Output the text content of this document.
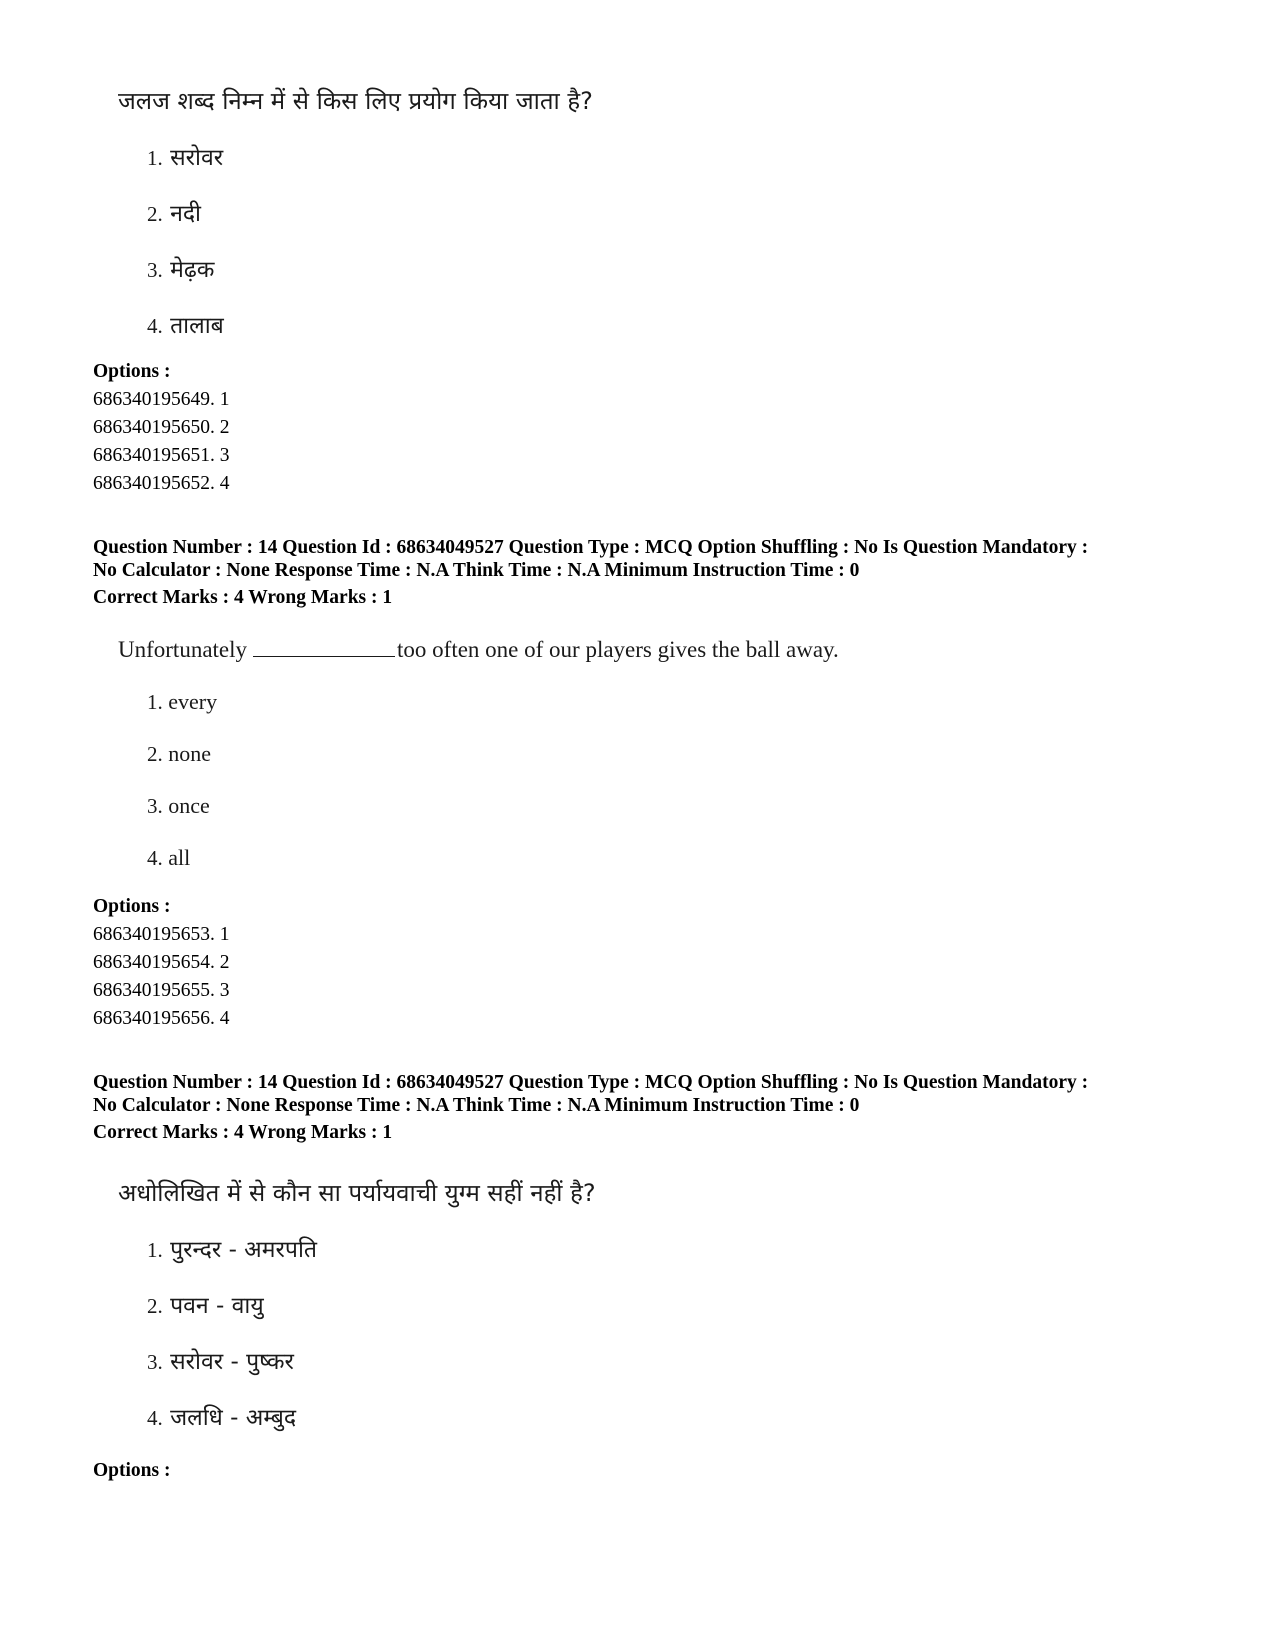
जलज शब्द निम्न में से किस लिए प्रयोग किया जाता है?
1. सरोवर
2. नदी
3. मेढ़क
4. तालाब
Options :
686340195649. 1
686340195650. 2
686340195651. 3
686340195652. 4
Question Number : 14 Question Id : 68634049527 Question Type : MCQ Option Shuffling : No Is Question Mandatory :
No Calculator : None Response Time : N.A Think Time : N.A Minimum Instruction Time : 0
Correct Marks : 4 Wrong Marks : 1
Unfortunately	too often one of our players gives the ball away.
1. every
2. none
3. once
4. all
Options :
686340195653. 1
686340195654. 2
686340195655. 3
686340195656. 4
Question Number : 14 Question Id : 68634049527 Question Type : MCQ Option Shuffling : No Is Question Mandatory :
No Calculator : None Response Time : N.A Think Time : N.A Minimum Instruction Time : 0
Correct Marks : 4 Wrong Marks : 1
अधोलिखित में से कौन सा पर्यायवाची युग्म सहीं नहीं है?
1. पुरन्दर - अमरपति
2. पवन - वायु
3. सरोवर - पुष्कर
4. जलधि - अम्बुद
Options :
